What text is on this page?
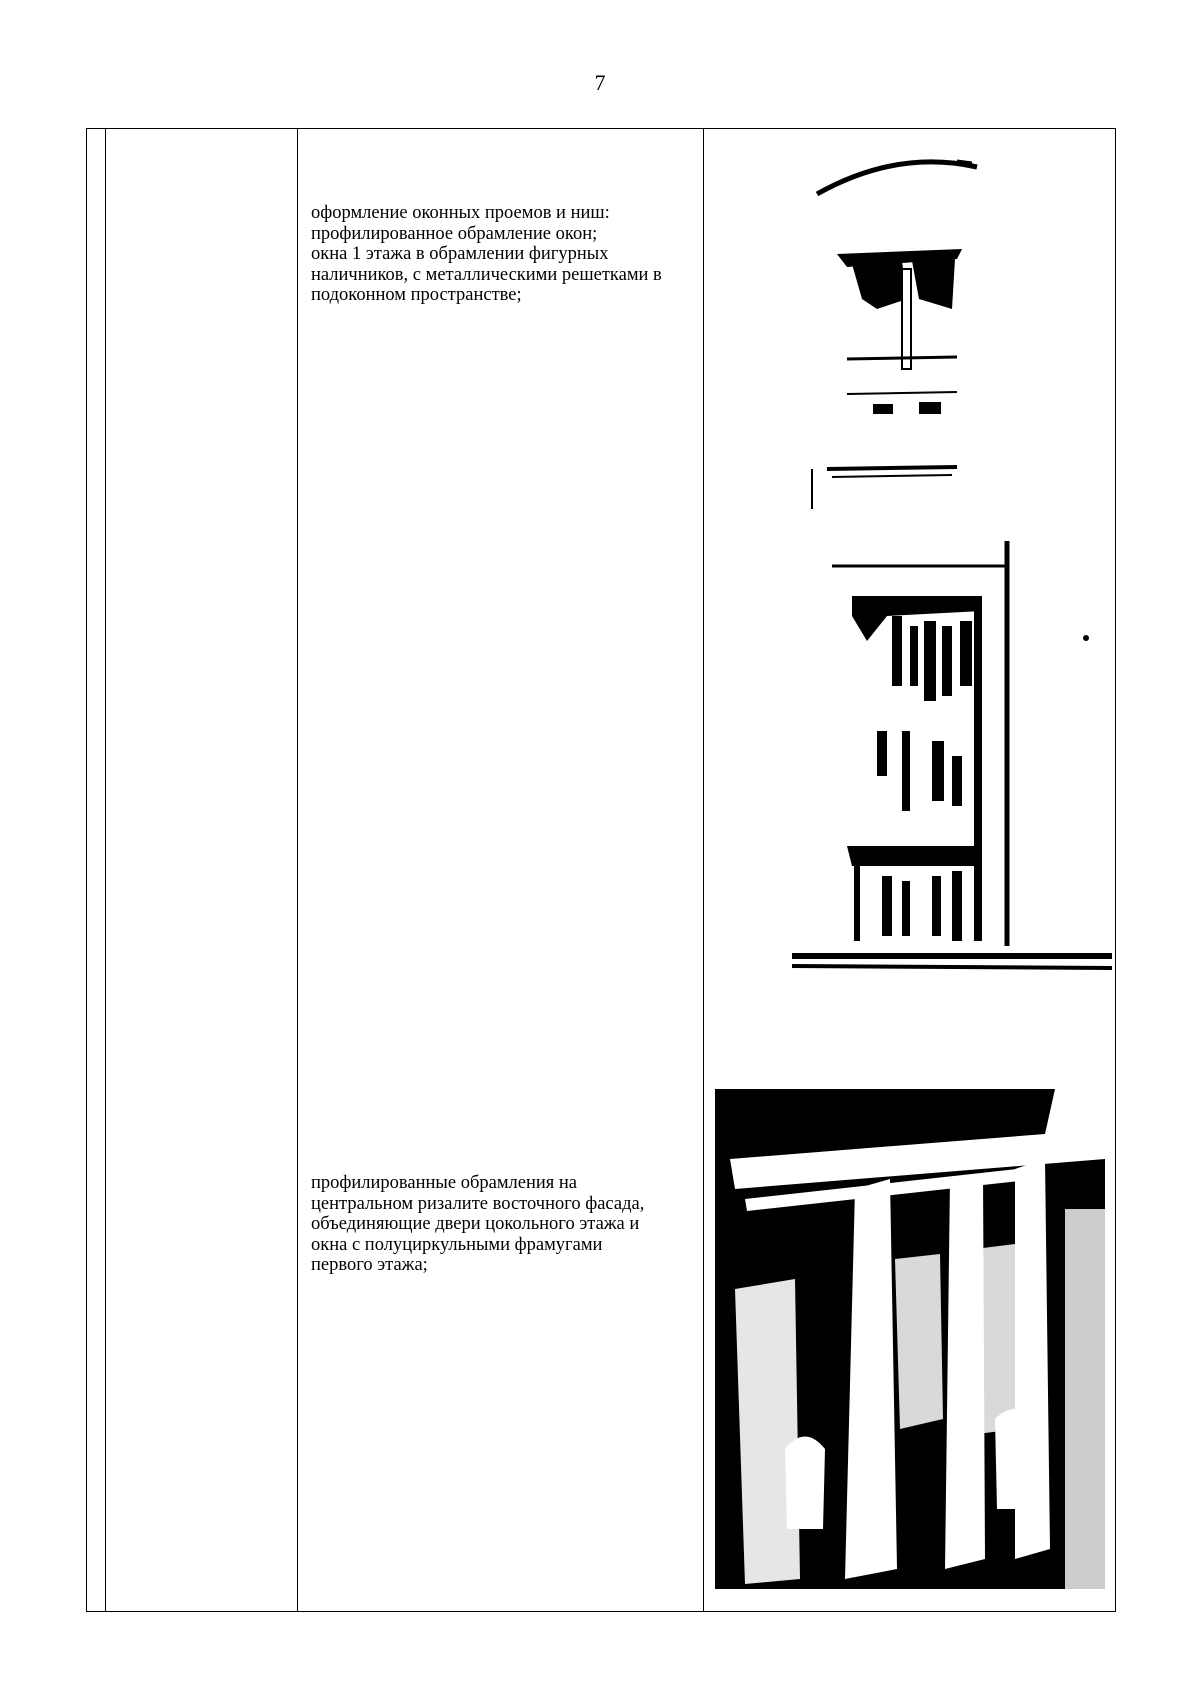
7
оформление оконных проемов и ниш:
профилированное обрамление окон;
окна 1 этажа в обрамлении фигурных
наличников, с металлическими решетками в
подоконном пространстве;
профилированные обрамления на
центральном ризалите восточного фасада,
объединяющие двери цокольного этажа и
окна с полуциркульными фрамугами
первого этажа;
